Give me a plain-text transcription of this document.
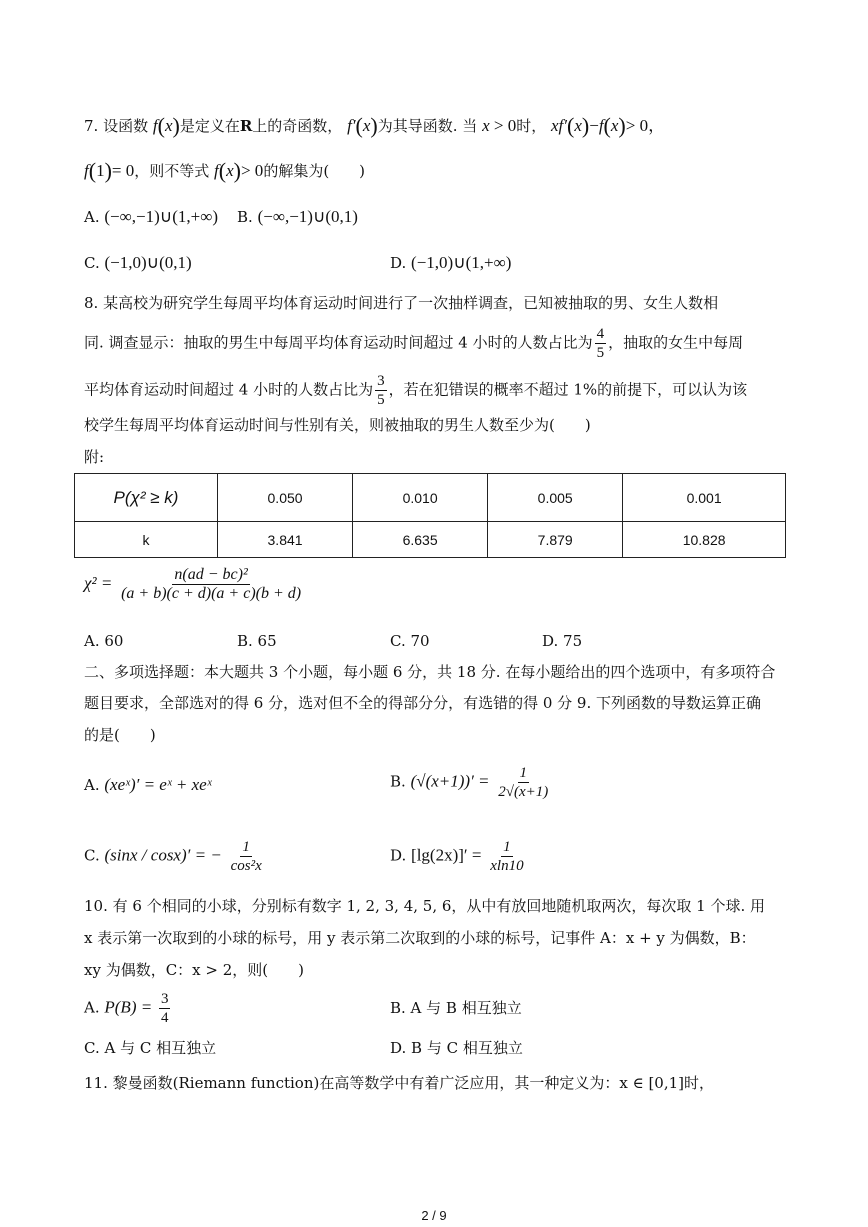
7. 设函数 f(x)是定义在R上的奇函数， f′(x)为其导函数. 当 x > 0时， xf′(x)−f(x)> 0，
f(1)= 0，则不等式 f(x)> 0的解集为(　　)
A. (−∞,−1)∪(1,+∞) B. (−∞,−1)∪(0,1)
C. (−1,0)∪(0,1)	D. (−1,0)∪(1,+∞)
8. 某高校为研究学生每周平均体育运动时间进行了一次抽样调查，已知被抽取的男、女生人数相
同. 调查显示：抽取的男生中每周平均体育运动时间超过 4 小时的人数占比为 $\frac{4}{5}$ ，抽取的女生中每周
平均体育运动时间超过 4 小时的人数占比为 $\frac{3}{5}$ ，若在犯错误的概率不超过 1%的前提下，可以认为该
校学生每周平均体育运动时间与性别有关，则被抽取的男生人数至少为(　　)
附:
P(χ² ≥ k)	0.050	0.010	0.005	0.001
k	3.841	6.635	7.879	10.828
$\chi^2 = \frac{\text{n(ad − bc)²}}{(a + b)(c + d)(a + c)(b + d)}$
A. 60	B. 65	C. 70	D. 75
二、多项选择题：本大题共 3 个小题，每小题 6 分，共 18 分. 在每小题给出的四个选项中，有多项符合
题目要求，全部选对的得 6 分，选对但不全的得部分分，有选错的得 0 分 9. 下列函数的导数运算正确
的是(　　)
A. (xeˣ)′ = eˣ + xeˣ	B. $(√(x+1))' = \frac{1}{2√(x+1)}$
C. (sinx / cosx)′ = − $\frac{1}{\text{cos²x}}$	D. $[\lg(2x)]' = \frac{1}{xln10}$
10. 有 6 个相同的小球，分别标有数字 1, 2, 3, 4, 5, 6，从中有放回地随机取两次，每次取 1 个球. 用
x 表示第一次取到的小球的标号，用 y 表示第二次取到的小球的标号，记事件 A：x + y 为偶数，B：
xy 为偶数，C：x > 2，则(　　)
A. $P(B) = \frac{3}{4}$	B. A 与 B 相互独立
C. A 与 C 相互独立	D. B 与 C 相互独立
11. 黎曼函数(Riemann function)在高等数学中有着广泛应用，其一种定义为：x ∈ [0,1]时，
2 / 9
